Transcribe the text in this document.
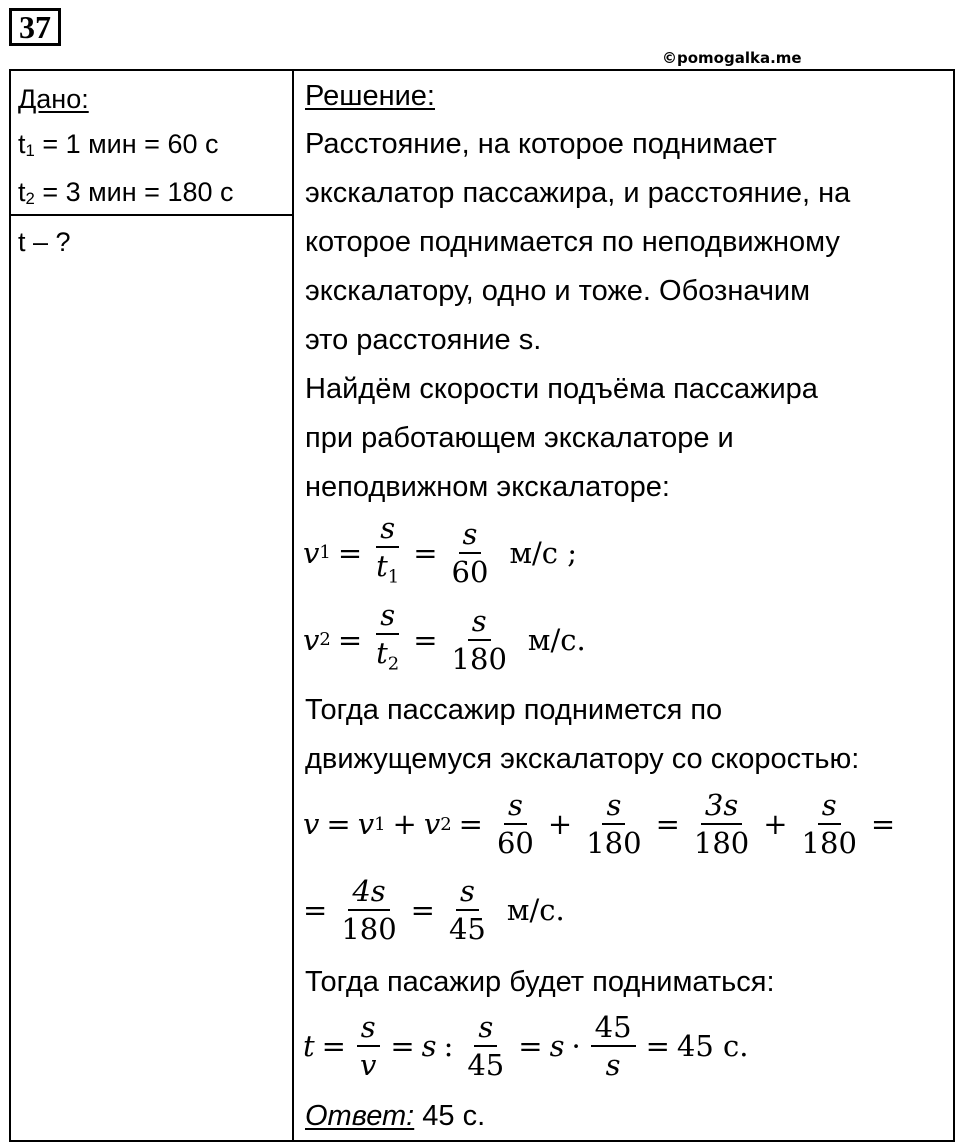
37
©pomogalka.me
Дано:
$t_1 = 1$ мин = 60 с
$t_2 = 3$ мин = 180 с
t – ?
Решение:
Расстояние, на которое поднимает
экскалатор пассажира, и расстояние, на
которое поднимается по неподвижному
экскалатору, одно и тоже. Обозначим
это расстояние s.
Найдём скорости подъёма пассажира
при работающем экскалаторе и
неподвижном экскалаторе:
v $1 = \frac{s}{t_1} = \frac{s}{60} м/с$ ;
v $2 = \frac{s}{t_2} = \frac{s}{180} м/с$.
Тогда пассажир поднимется по
движущемуся экскалатору со скоростью:
v = v 1 + v $2 = \frac{s}{60} + \frac{s}{180} = \frac{3s}{180} + \frac{s}{180}$ =
= $\frac{4s}{180} = \frac{s}{45} м/с$.
Тогда пасажир будет подниматься:
$t = \frac{s}{v} = s$ : $\frac{s}{45} = s \cdot \frac{45}{s} = 45$ с.
Ответ: 45 с.
